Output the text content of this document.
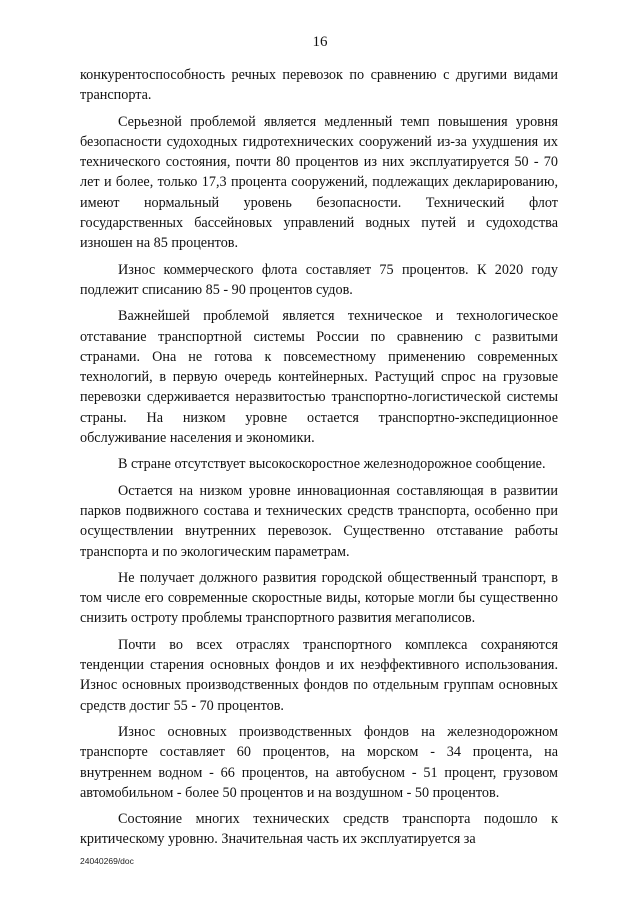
16

конкурентоспособность речных перевозок по сравнению с другими видами транспорта.

Серьезной проблемой является медленный темп повышения уровня безопасности судоходных гидротехнических сооружений из-за ухудшения их технического состояния, почти 80 процентов из них эксплуатируется 50 - 70 лет и более, только 17,3 процента сооружений, подлежащих декларированию, имеют нормальный уровень безопасности. Технический флот государственных бассейновых управлений водных путей и судоходства изношен на 85 процентов.

Износ коммерческого флота составляет 75 процентов. К 2020 году подлежит списанию 85 - 90 процентов судов.

Важнейшей проблемой является техническое и технологическое отставание транспортной системы России по сравнению с развитыми странами. Она не готова к повсеместному применению современных технологий, в первую очередь контейнерных. Растущий спрос на грузовые перевозки сдерживается неразвитостью транспортно-логистической системы страны. На низком уровне остается транспортно-экспедиционное обслуживание населения и экономики.

В стране отсутствует высокоскоростное железнодорожное сообщение.

Остается на низком уровне инновационная составляющая в развитии парков подвижного состава и технических средств транспорта, особенно при осуществлении внутренних перевозок. Существенно отставание работы транспорта и по экологическим параметрам.

Не получает должного развития городской общественный транспорт, в том числе его современные скоростные виды, которые могли бы существенно снизить остроту проблемы транспортного развития мегаполисов.

Почти во всех отраслях транспортного комплекса сохраняются тенденции старения основных фондов и их неэффективного использования. Износ основных производственных фондов по отдельным группам основных средств достиг 55 - 70 процентов.

Износ основных производственных фондов на железнодорожном транспорте составляет 60 процентов, на морском - 34 процента, на внутреннем водном - 66 процентов, на автобусном - 51 процент, грузовом автомобильном - более 50 процентов и на воздушном - 50 процентов.

Состояние многих технических средств транспорта подошло к критическому уровню. Значительная часть их эксплуатируется за

24040269/doc
